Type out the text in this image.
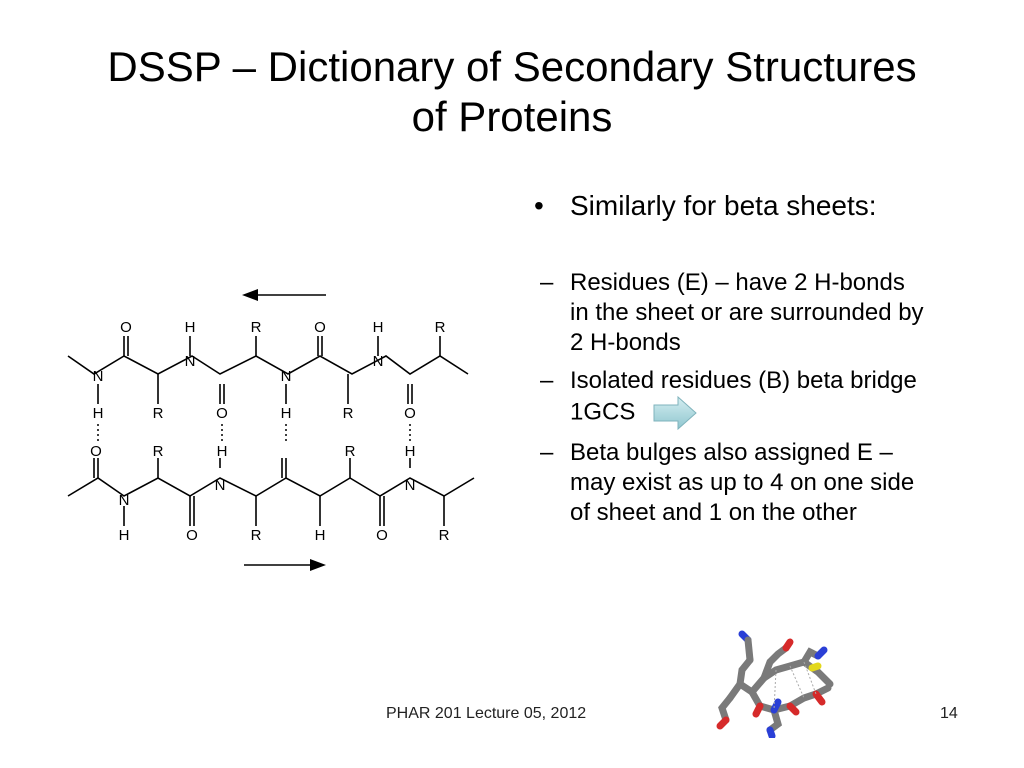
DSSP – Dictionary of Secondary Structures
of Proteins
O	H	R	O	H	R
N
N
N
N
H	R	O	H	R	O
O	R	H	R	H
N
N	N
H	O	R	H	O	R
• Similarly for beta sheets:
– Residues (E) – have 2 H-bonds in the sheet or are surrounded by 2 H-bonds
– Isolated residues (B) beta bridge 1GCS
– Beta bulges also assigned E – may exist as up to 4 on one side of sheet and 1 on the other
PHAR 201 Lecture 05, 2012	14
